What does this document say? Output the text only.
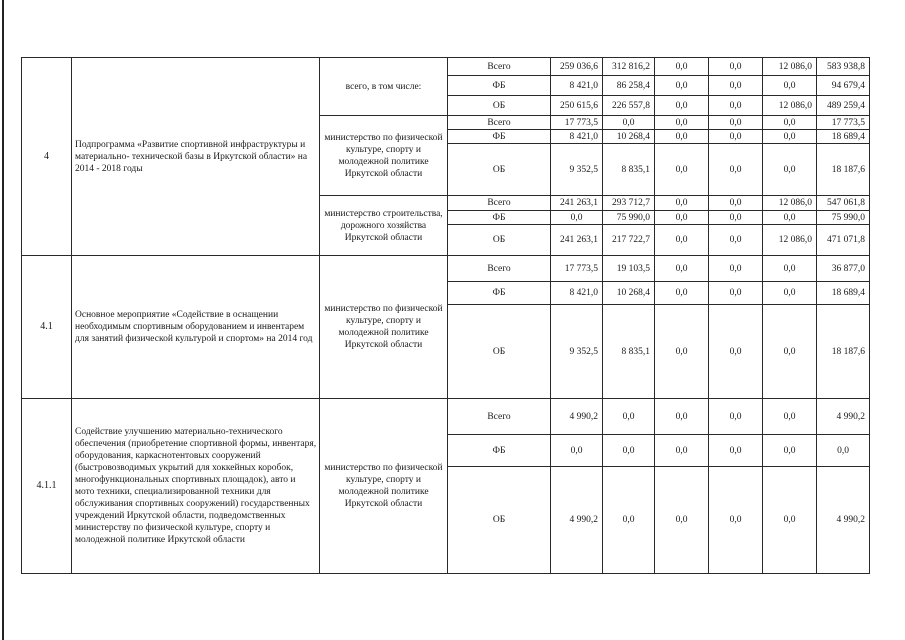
4	Подпрограмма «Развитие спортивной инфраструктуры и материально- технической базы в Иркутской области» на 2014 - 2018 годы	всего, в том числе:	Всего	259 036,6	312 816,2	0,0	0,0	12 086,0	583 938,8
			ФБ	8 421,0	86 258,4	0,0	0,0	0,0	94 679,4
			ОБ	250 615,6	226 557,8	0,0	0,0	12 086,0	489 259,4
		министерство по физической культуре, спорту и молодежной политике Иркутской области	Всего	17 773,5	0,0	0,0	0,0	0,0	17 773,5
			ФБ	8 421,0	10 268,4	0,0	0,0	0,0	18 689,4
			ОБ	9 352,5	8 835,1	0,0	0,0	0,0	18 187,6
		министерство строительства, дорожного хозяйства Иркутской области	Всего	241 263,1	293 712,7	0,0	0,0	12 086,0	547 061,8
			ФБ	0,0	75 990,0	0,0	0,0	0,0	75 990,0
			ОБ	241 263,1	217 722,7	0,0	0,0	12 086,0	471 071,8
4.1	Основное мероприятие «Содействие в оснащении необходимым спортивным оборудованием и инвентарем для занятий физической культурой и спортом» на 2014 год	министерство по физической культуре, спорту и молодежной политике Иркутской области	Всего	17 773,5	19 103,5	0,0	0,0	0,0	36 877,0
			ФБ	8 421,0	10 268,4	0,0	0,0	0,0	18 689,4
			ОБ	9 352,5	8 835,1	0,0	0,0	0,0	18 187,6
4.1.1	Содействие улучшению материально-технического обеспечения (приобретение спортивной формы, инвентаря, оборудования, каркаснотентовых сооружений (быстровозводимых укрытий для хоккейных коробок, многофункциональных спортивных площадок), авто и мото техники, специализированной техники для обслуживания спортивных сооружений) государственных учреждений Иркутской области, подведомственных министерству по физической культуре, спорту и молодежной политике Иркутской области	министерство по физической культуре, спорту и молодежной политике Иркутской области	Всего	4 990,2	0,0	0,0	0,0	0,0	4 990,2
			ФБ	0,0	0,0	0,0	0,0	0,0	0,0
			ОБ	4 990,2	0,0	0,0	0,0	0,0	4 990,2
